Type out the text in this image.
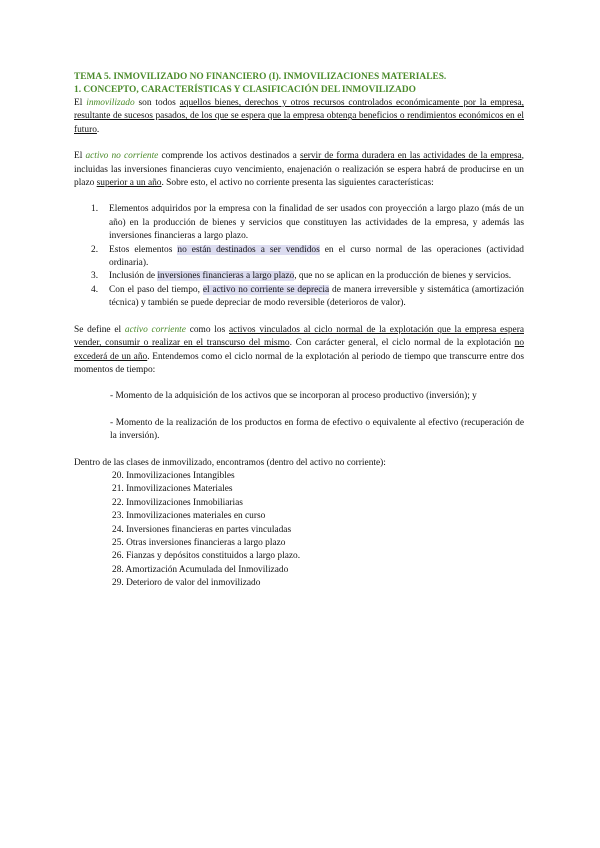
TEMA 5. INMOVILIZADO NO FINANCIERO (I). INMOVILIZACIONES MATERIALES.
1. CONCEPTO, CARACTERÍSTICAS Y CLASIFICACIÓN DEL INMOVILIZADO

El inmovilizado son todos aquellos bienes, derechos y otros recursos controlados económicamente por la empresa, resultante de sucesos pasados, de los que se espera que la empresa obtenga beneficios o rendimientos económicos en el futuro.

El activo no corriente comprende los activos destinados a servir de forma duradera en las actividades de la empresa, incluidas las inversiones financieras cuyo vencimiento, enajenación o realización se espera habrá de producirse en un plazo superior a un año. Sobre esto, el activo no corriente presenta las siguientes características:

1. Elementos adquiridos por la empresa con la finalidad de ser usados con proyección a largo plazo (más de un año) en la producción de bienes y servicios que constituyen las actividades de la empresa, y además las inversiones financieras a largo plazo.
2. Estos elementos no están destinados a ser vendidos en el curso normal de las operaciones (actividad ordinaria).
3. Inclusión de inversiones financieras a largo plazo, que no se aplican en la producción de bienes y servicios.
4. Con el paso del tiempo, el activo no corriente se deprecia de manera irreversible y sistemática (amortización técnica) y también se puede depreciar de modo reversible (deterioros de valor).

Se define el activo corriente como los activos vinculados al ciclo normal de la explotación que la empresa espera vender, consumir o realizar en el transcurso del mismo. Con carácter general, el ciclo normal de la explotación no excederá de un año. Entendemos como el ciclo normal de la explotación al periodo de tiempo que transcurre entre dos momentos de tiempo:

- Momento de la adquisición de los activos que se incorporan al proceso productivo (inversión); y

- Momento de la realización de los productos en forma de efectivo o equivalente al efectivo (recuperación de la inversión).

Dentro de las clases de inmovilizado, encontramos (dentro del activo no corriente):

20. Inmovilizaciones Intangibles
21. Inmovilizaciones Materiales
22. Inmovilizaciones Inmobiliarias
23. Inmovilizaciones materiales en curso
24. Inversiones financieras en partes vinculadas
25. Otras inversiones financieras a largo plazo
26. Fianzas y depósitos constituidos a largo plazo.
28. Amortización Acumulada del Inmovilizado
29. Deterioro de valor del inmovilizado
